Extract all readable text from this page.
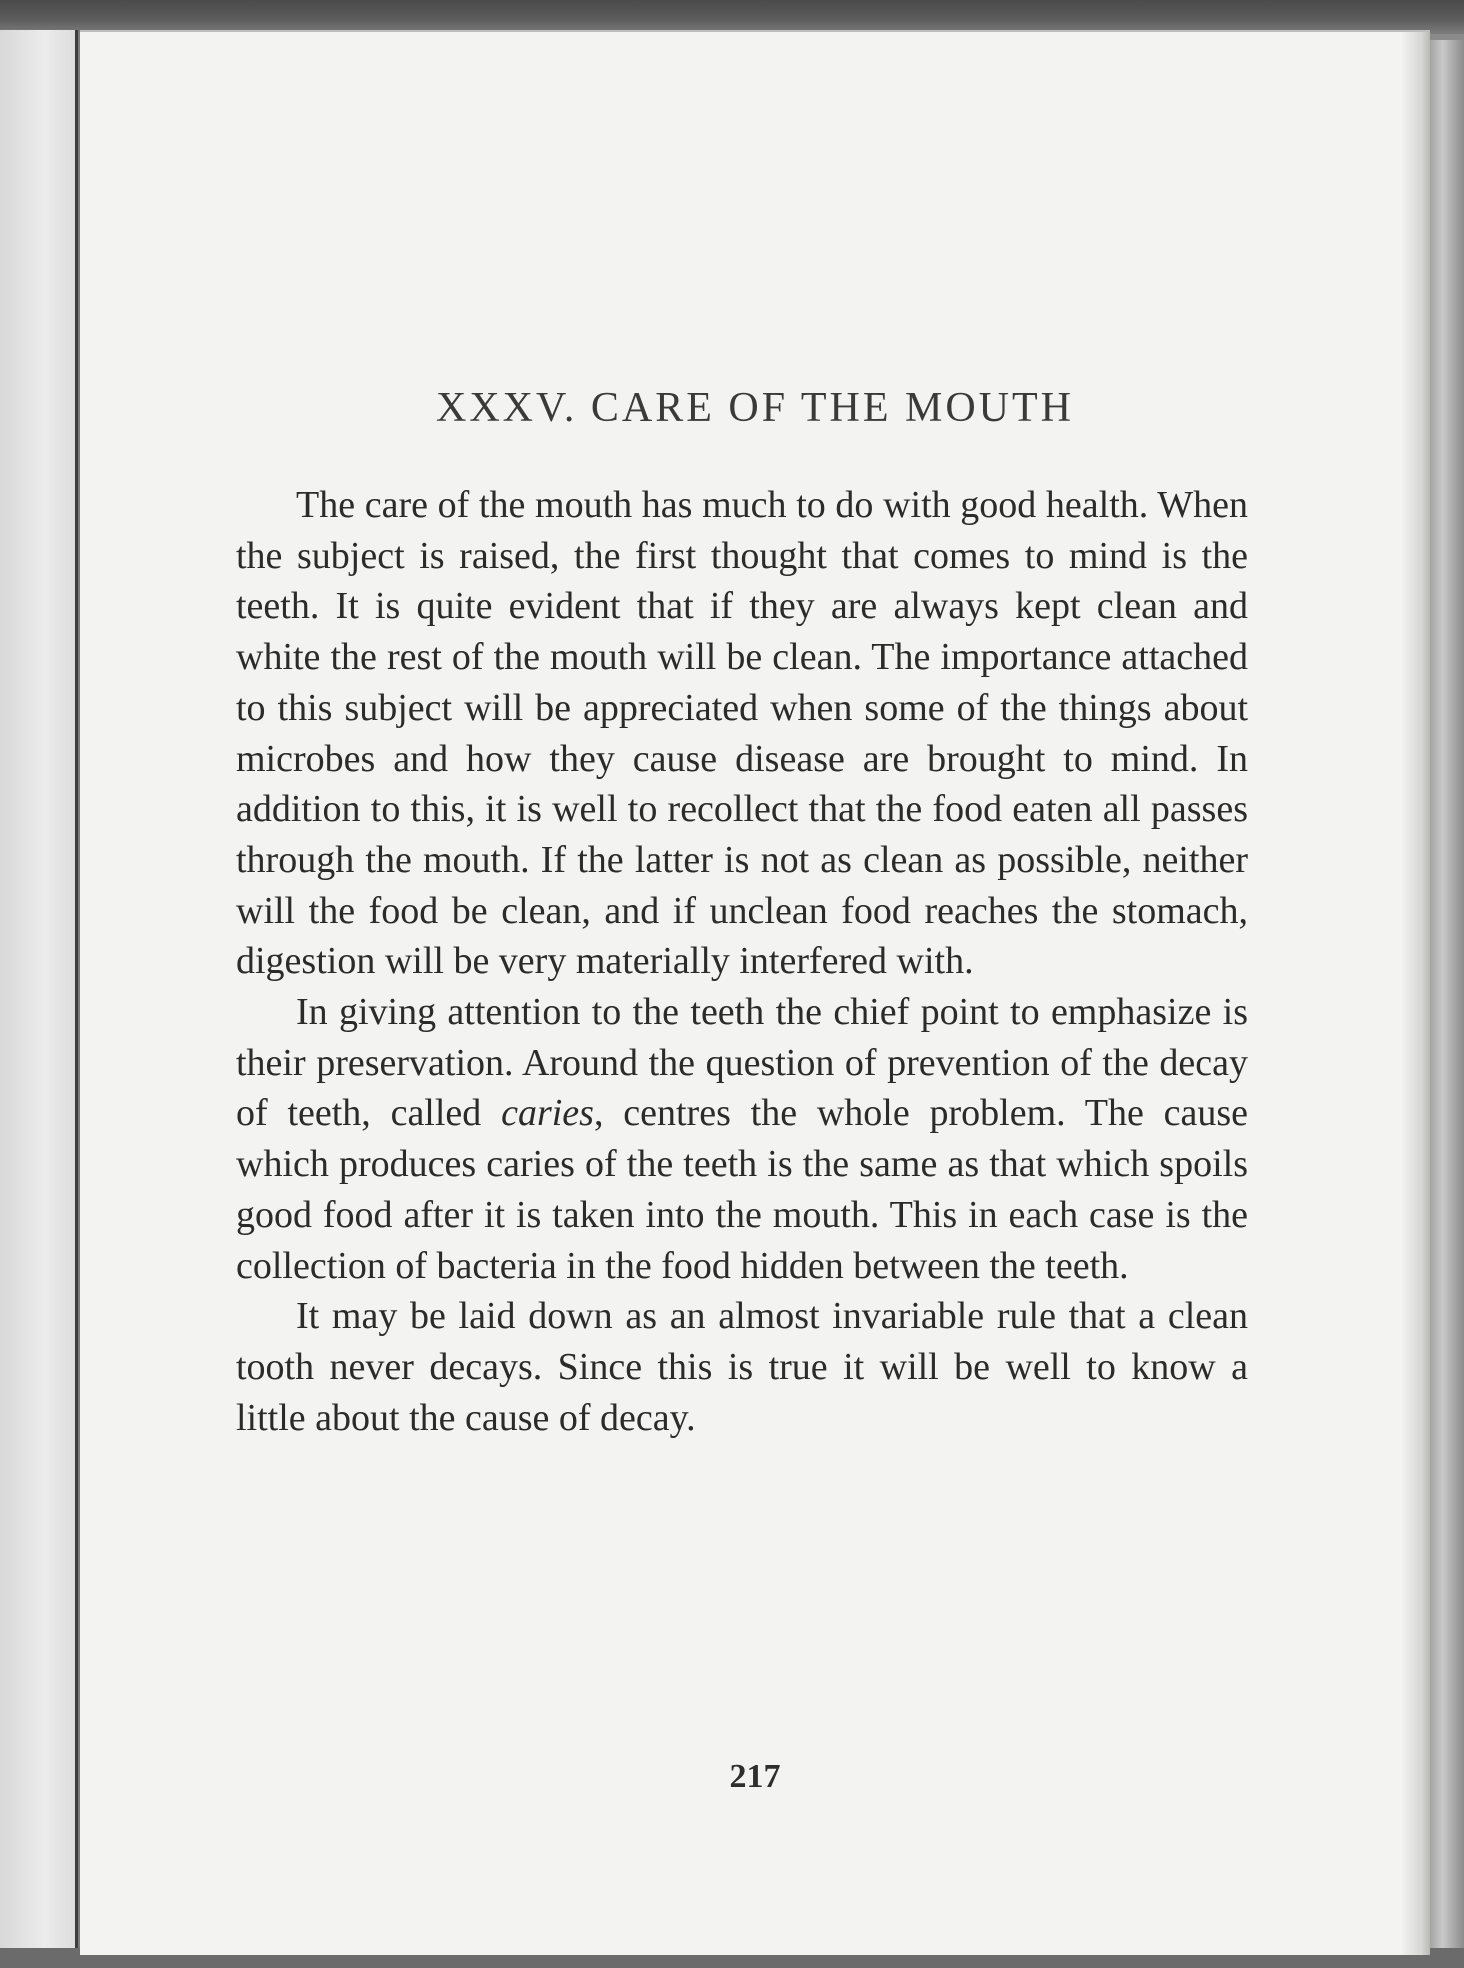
XXXV. CARE OF THE MOUTH

The care of the mouth has much to do with good health. When the subject is raised, the first thought that comes to mind is the teeth. It is quite evident that if they are always kept clean and white the rest of the mouth will be clean. The importance attached to this subject will be appreciated when some of the things about microbes and how they cause disease are brought to mind. In addition to this, it is well to recollect that the food eaten all passes through the mouth. If the latter is not as clean as possible, neither will the food be clean, and if unclean food reaches the stomach, digestion will be very materially interfered with.

In giving attention to the teeth the chief point to emphasize is their preservation. Around the question of prevention of the decay of teeth, called caries, centres the whole problem. The cause which produces caries of the teeth is the same as that which spoils good food after it is taken into the mouth. This in each case is the collection of bacteria in the food hidden between the teeth.

It may be laid down as an almost invariable rule that a clean tooth never decays. Since this is true it will be well to know a little about the cause of decay.

217
